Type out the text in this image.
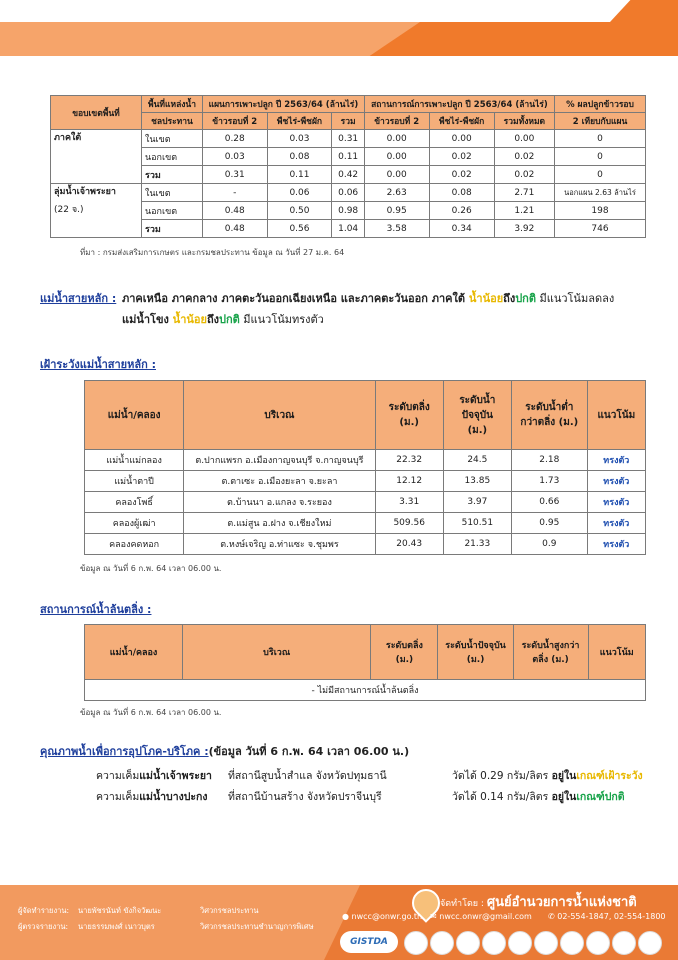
ขอบเขตพื้นที่	พื้นที่แหล่งน้ำ	แผนการเพาะปลูก ปี 2563/64 (ล้านไร่)			สถานการณ์การเพาะปลูก ปี 2563/64 (ล้านไร่)			% ผลปลูกข้าวรอบ
	ชลประทาน	ข้าวรอบที่ 2	พืชไร่-พืชผัก	รวม	ข้าวรอบที่ 2	พืชไร่-พืชผัก	รวมทั้งหมด	2 เทียบกับแผน
ภาคใต้	ในเขต	0.28	0.03	0.31	0.00	0.00	0.00	0
	นอกเขต	0.03	0.08	0.11	0.00	0.02	0.02	0
	รวม	0.31	0.11	0.42	0.00	0.02	0.02	0

ลุ่มน้ำเจ้าพระยา
(22 จ.)	ในเขต	-	0.06	0.06	2.63	0.08	2.71	นอกแผน 2.63 ล้านไร่
	นอกเขต	0.48	0.50	0.98	0.95	0.26	1.21	198
	รวม	0.48	0.56	1.04	3.58	0.34	3.92	746
ที่มา : กรมส่งเสริมการเกษตร และกรมชลประทาน ข้อมูล ณ วันที่ 27 ม.ค. 64
แม่น้ำสายหลัก : ภาคเหนือ ภาคกลาง ภาคตะวันออกเฉียงเหนือ และภาคตะวันออก ภาคใต้ น้ำน้อยถึงปกติ มีแนวโน้มลดลง
แม่น้ำโขง น้ำน้อยถึงปกติ มีแนวโน้มทรงตัว
เฝ้าระวังแม่น้ำสายหลัก :
แม่น้ำ/คลอง	บริเวณ	ระดับตลิ่ง
(ม.)	ระดับน้ำ
ปัจจุบัน
(ม.)	ระดับน้ำต่ำ
กว่าตลิ่ง (ม.)	แนวโน้ม
แม่น้ำแม่กลอง	ต.ปากแพรก อ.เมืองกาญจนบุรี จ.กาญจนบุรี	22.32	24.5	2.18	ทรงตัว
แม่น้ำตาปี	ต.ตาเซะ อ.เมืองยะลา จ.ยะลา	12.12	13.85	1.73	ทรงตัว
คลองโพธิ์	ต.บ้านนา อ.แกลง จ.ระยอง	3.31	3.97	0.66	ทรงตัว
คลองผู้เฒ่า	ต.แม่สูน อ.ฝาง จ.เชียงใหม่	509.56	510.51	0.95	ทรงตัว
คลองคดหอก	ต.หงษ์เจริญ อ.ท่าแซะ จ.ชุมพร	20.43	21.33	0.9	ทรงตัว
ข้อมูล ณ วันที่ 6 ก.พ. 64 เวลา 06.00 น.
สถานการณ์น้ำล้นตลิ่ง :
แม่น้ำ/คลอง	บริเวณ	ระดับตลิ่ง
(ม.)	ระดับน้ำปัจจุบัน
(ม.)	ระดับน้ำสูงกว่า
ตลิ่ง (ม.)	แนวโน้ม
- ไม่มีสถานการณ์น้ำล้นตลิ่ง
ข้อมูล ณ วันที่ 6 ก.พ. 64 เวลา 06.00 น.
คุณภาพน้ำเพื่อการอุปโภค-บริโภค :(ข้อมูล วันที่ 6 ก.พ. 64 เวลา 06.00 น.)
ความเค็มแม่น้ำเจ้าพระยา ที่สถานีสูบน้ำสำแล จังหวัดปทุมธานี	วัดได้ 0.29 กรัม/ลิตร อยู่ในเกณฑ์เฝ้าระวัง
ความเค็มแม่น้ำบางปะกง ที่สถานีบ้านสร้าง จังหวัดปราจีนบุรี	วัดได้ 0.14 กรัม/ลิตร อยู่ในเกณฑ์ปกติ
ผู้จัดทำรายงาน: นายพัชรนันท์ ขังกิจวัฒนะ	วิศวกรชลประทาน
ผู้ตรวจรายงาน: นายธรรมพงศ์ เนาวบุตร	วิศวกรชลประทานชำนาญการพิเศษ
จัดทำโดย : ศูนย์อำนวยการน้ำแห่งชาติ
● nwcc@onwr.go.th ✉ nwcc.onwr@gmail.com ✆ 02-554-1847, 02-554-1800
GISTDA
